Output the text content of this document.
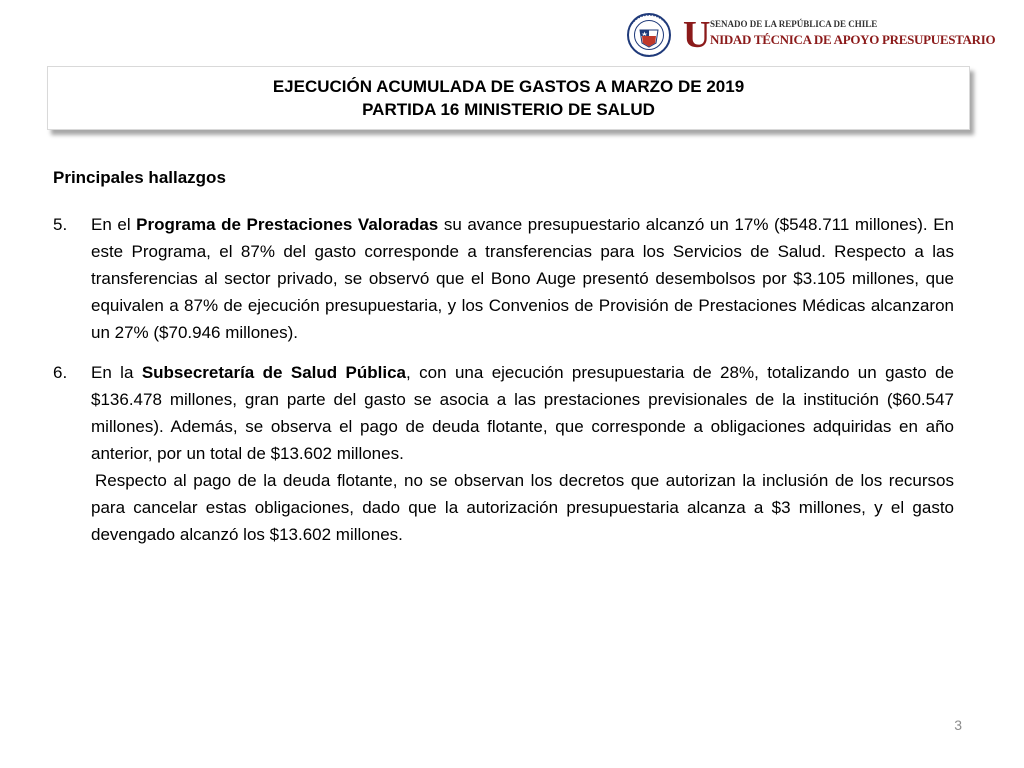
U SENADO DE LA REPÚBLICA DE CHILE
NIDAD TÉCNICA DE APOYO PRESUPUESTARIO
EJECUCIÓN ACUMULADA DE GASTOS A MARZO DE 2019
PARTIDA 16 MINISTERIO DE SALUD
Principales hallazgos
5.	En el Programa de Prestaciones Valoradas su avance presupuestario alcanzó un 17% ($548.711 millones). En este Programa, el 87% del gasto corresponde a transferencias para los Servicios de Salud. Respecto a las transferencias al sector privado, se observó que el Bono Auge presentó desembolsos por $3.105 millones, que equivalen a 87% de ejecución presupuestaria, y los Convenios de Provisión de Prestaciones Médicas alcanzaron un 27% ($70.946 millones).

6.	En la Subsecretaría de Salud Pública, con una ejecución presupuestaria de 28%, totalizando un gasto de $136.478 millones, gran parte del gasto se asocia a las prestaciones previsionales de la institución ($60.547 millones). Además, se observa el pago de deuda flotante, que corresponde a obligaciones adquiridas en año anterior, por un total de $13.602 millones.

Respecto al pago de la deuda flotante, no se observan los decretos que autorizan la inclusión de los recursos para cancelar estas obligaciones, dado que la autorización presupuestaria alcanza a $3 millones, y el gasto devengado alcanzó los $13.602 millones.

3
